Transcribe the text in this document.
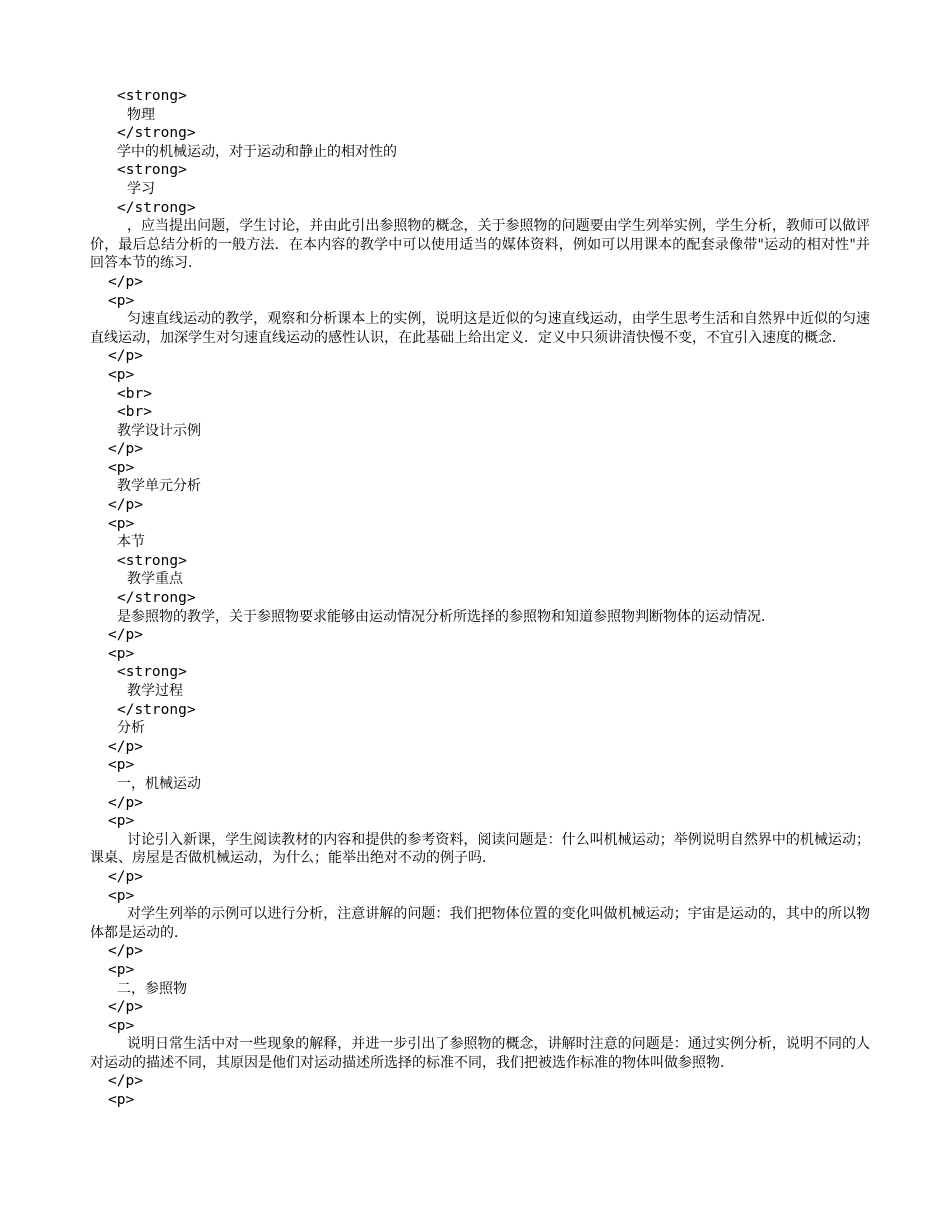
<strong>
物理
</strong>
学中的机械运动，对于运动和静止的相对性的
<strong>
学习
</strong>
，应当提出问题，学生讨论，并由此引出参照物的概念，关于参照物的问题要由学生列举实例，学生分析，教师可以做评价，最后总结分析的一般方法．在本内容的教学中可以使用适当的媒体资料，例如可以用课本的配套录像带"运动的相对性"并回答本节的练习．
</p>
<p>
匀速直线运动的教学，观察和分析课本上的实例，说明这是近似的匀速直线运动，由学生思考生活和自然界中近似的匀速直线运动，加深学生对匀速直线运动的感性认识，在此基础上给出定义．定义中只须讲清快慢不变，不宜引入速度的概念．
</p>
<p>
<br>
<br>
教学设计示例
</p>
<p>
教学单元分析
</p>
<p>
本节
<strong>
教学重点
</strong>
是参照物的教学，关于参照物要求能够由运动情况分析所选择的参照物和知道参照物判断物体的运动情况．
</p>
<p>
<strong>
教学过程
</strong>
分析
</p>
<p>
一，机械运动
</p>
<p>
讨论引入新课，学生阅读教材的内容和提供的参考资料，阅读问题是：什么叫机械运动；举例说明自然界中的机械运动；课桌、房屋是否做机械运动，为什么；能举出绝对不动的例子吗．
</p>
<p>
对学生列举的示例可以进行分析，注意讲解的问题：我们把物体位置的变化叫做机械运动；宇宙是运动的，其中的所以物体都是运动的．
</p>
<p>
二，参照物
</p>
<p>
说明日常生活中对一些现象的解释，并进一步引出了参照物的概念，讲解时注意的问题是：通过实例分析，说明不同的人对运动的描述不同，其原因是他们对运动描述所选择的标准不同，我们把被选作标准的物体叫做参照物．
</p>
<p>
